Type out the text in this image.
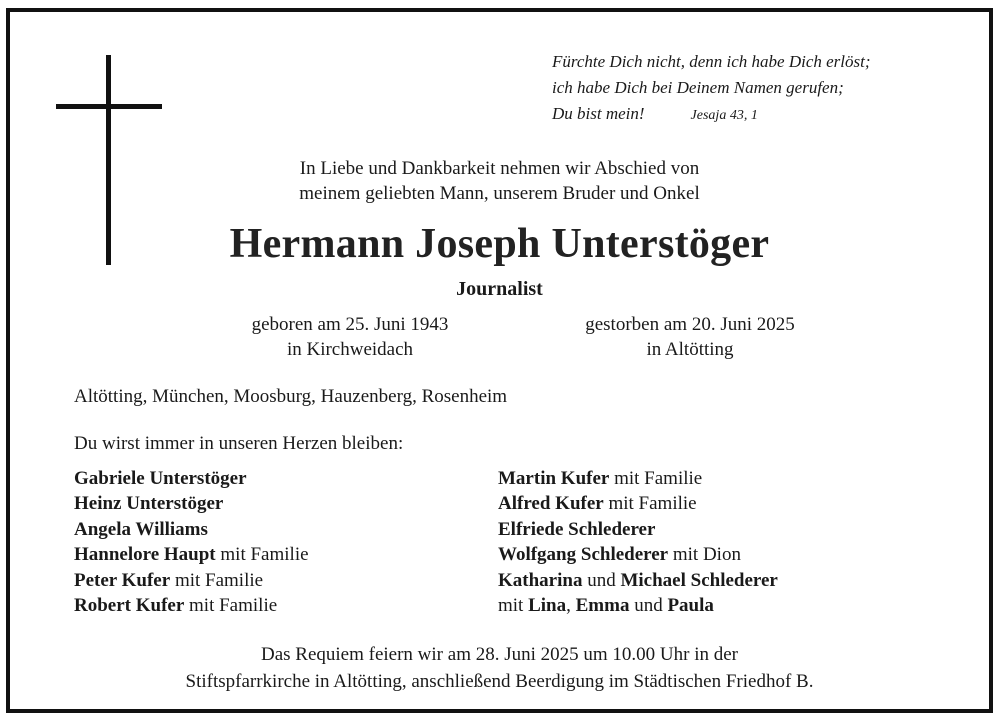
Fürchte Dich nicht, denn ich habe Dich erlöst;
ich habe Dich bei Deinem Namen gerufen;
Du bist mein!	Jesaja 43, 1
In Liebe und Dankbarkeit nehmen wir Abschied von
meinem geliebten Mann, unserem Bruder und Onkel
Hermann Joseph Unterstöger
Journalist
geboren am 25. Juni 1943
in Kirchweidach
gestorben am 20. Juni 2025
in Altötting
Altötting, München, Moosburg, Hauzenberg, Rosenheim
Du wirst immer in unseren Herzen bleiben:
Gabriele Unterstöger
Heinz Unterstöger
Angela Williams
Hannelore Haupt mit Familie
Peter Kufer mit Familie
Robert Kufer mit Familie
Martin Kufer mit Familie
Alfred Kufer mit Familie
Elfriede Schlederer
Wolfgang Schlederer mit Dion
Katharina und Michael Schlederer
mit Lina, Emma und Paula
Das Requiem feiern wir am 28. Juni 2025 um 10.00 Uhr in der
Stiftspfarrkirche in Altötting, anschließend Beerdigung im Städtischen Friedhof B.
